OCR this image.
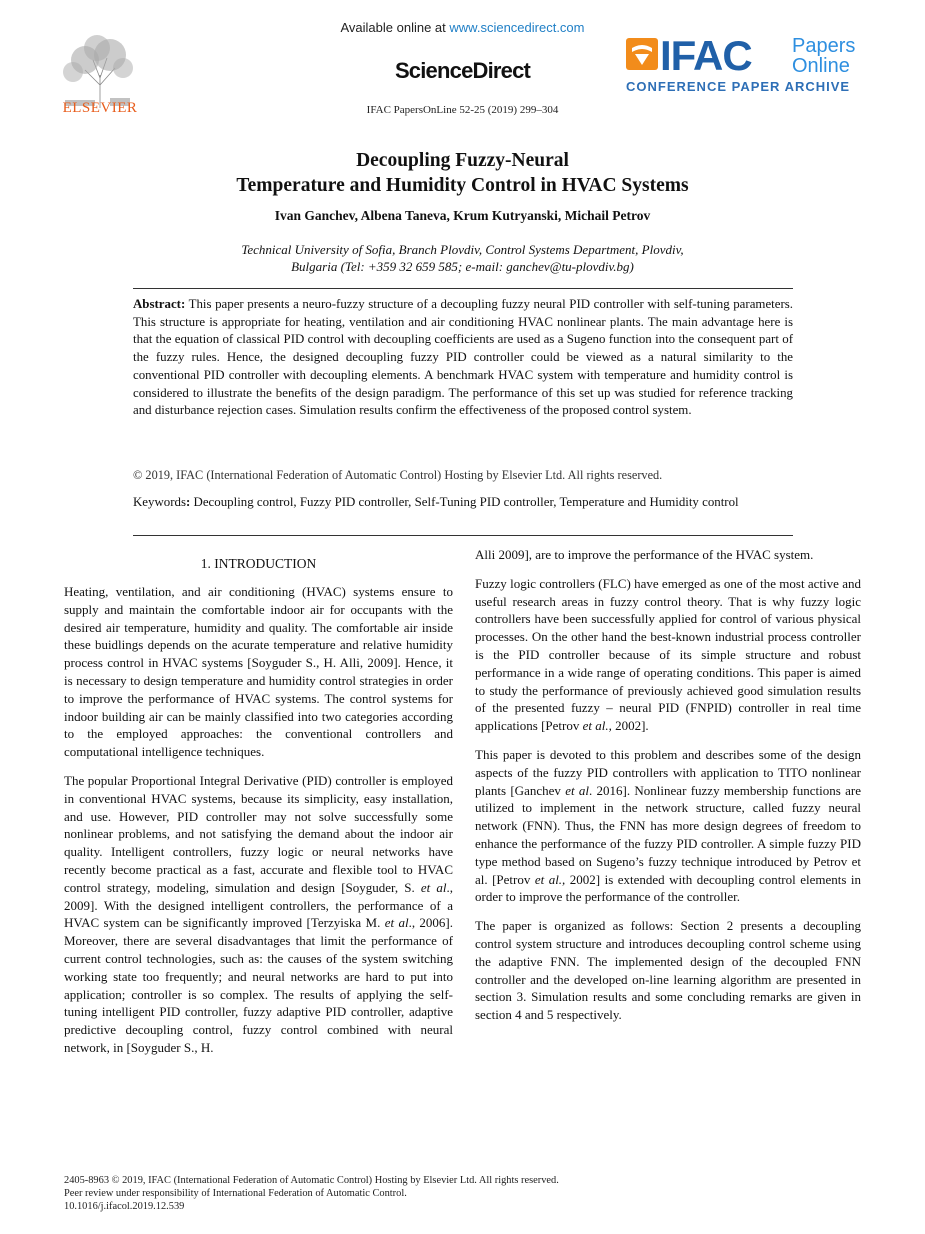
ELSEVIER
Available online at www.sciencedirect.com
ScienceDirect
IFAC PapersOnLine 52-25 (2019) 299–304
IFAC Papers
Online
CONFERENCE PAPER ARCHIVE
Decoupling Fuzzy-Neural
Temperature and Humidity Control in HVAC Systems
Ivan Ganchev, Albena Taneva, Krum Kutryanski, Michail Petrov
Technical University of Sofia, Branch Plovdiv, Control Systems Department, Plovdiv,
Bulgaria (Tel: +359 32 659 585; e-mail: ganchev@tu-plovdiv.bg)
Abstract: This paper presents a neuro-fuzzy structure of a decoupling fuzzy neural PID controller with self-tuning parameters. This structure is appropriate for heating, ventilation and air conditioning HVAC nonlinear plants. The main advantage here is that the equation of classical PID control with decoupling coefficients are used as a Sugeno function into the consequent part of the fuzzy rules. Hence, the designed decoupling fuzzy PID controller could be viewed as a natural similarity to the conventional PID controller with decoupling elements. A benchmark HVAC system with temperature and humidity control is considered to illustrate the benefits of the design paradigm. The performance of this set up was studied for reference tracking and disturbance rejection cases. Simulation results confirm the effectiveness of the proposed control system.
© 2019, IFAC (International Federation of Automatic Control) Hosting by Elsevier Ltd. All rights reserved.
Keywords: Decoupling control, Fuzzy PID controller, Self-Tuning PID controller, Temperature and Humidity control
1. INTRODUCTION

Heating, ventilation, and air conditioning (HVAC) systems ensure to supply and maintain the comfortable indoor air for occupants with the desired air temperature, humidity and quality. The comfortable air inside these buidlings depends on the acurate temperature and relative humidity process control in HVAC systems [Soyguder S., H. Alli, 2009]. Hence, it is necessary to design temperature and humidity control strategies in order to improve the performance of HVAC systems. The control systems for indoor building air can be mainly classified into two categories according to the employed approaches: the conventional controllers and computational intelligence techniques.

The popular Proportional Integral Derivative (PID) controller is employed in conventional HVAC systems, because its simplicity, easy installation, and use. However, PID controller may not solve successfully some nonlinear problems, and not satisfying the demand about the indoor air quality. Intelligent controllers, fuzzy logic or neural networks have recently become practical as a fast, accurate and flexible tool to HVAC control strategy, modeling, simulation and design [Soyguder, S. et al., 2009]. With the designed intelligent controllers, the performance of a HVAC system can be significantly improved [Terzyiska M. et al., 2006]. Moreover, there are several disadvantages that limit the performance of current control technologies, such as: the causes of the system switching working state too frequently; and neural networks are hard to put into application; controller is so complex. The results of applying the self-tuning intelligent PID controller, fuzzy adaptive PID controller, adaptive predictive decoupling control, fuzzy control combined with neural network, in [Soyguder S., H.

Alli 2009], are to improve the performance of the HVAC system.

Fuzzy logic controllers (FLC) have emerged as one of the most active and useful research areas in fuzzy control theory. That is why fuzzy logic controllers have been successfully applied for control of various physical processes. On the other hand the best-known industrial process controller is the PID controller because of its simple structure and robust performance in a wide range of operating conditions. This paper is aimed to study the performance of previously achieved good simulation results of the presented fuzzy – neural PID (FNPID) controller in real time applications [Petrov et al., 2002].

This paper is devoted to this problem and describes some of the design aspects of the fuzzy PID controllers with application to TITO nonlinear plants [Ganchev et al. 2016]. Nonlinear fuzzy membership functions are utilized to implement in the network structure, called fuzzy neural network (FNN). Thus, the FNN has more design degrees of freedom to enhance the performance of the fuzzy PID controller. A simple fuzzy PID type method based on Sugeno’s fuzzy technique introduced by Petrov et al. [Petrov et al., 2002] is extended with decoupling control elements in order to improve the performance of the controller.

The paper is organized as follows: Section 2 presents a decoupling control system structure and introduces decoupling control scheme using the adaptive FNN. The implemented design of the decoupled FNN controller and the developed on-line learning algorithm are presented in section 3. Simulation results and some concluding remarks are given in section 4 and 5 respectively.

2405-8963 © 2019, IFAC (International Federation of Automatic Control) Hosting by Elsevier Ltd. All rights reserved.
Peer review under responsibility of International Federation of Automatic Control.
10.1016/j.ifacol.2019.12.539
